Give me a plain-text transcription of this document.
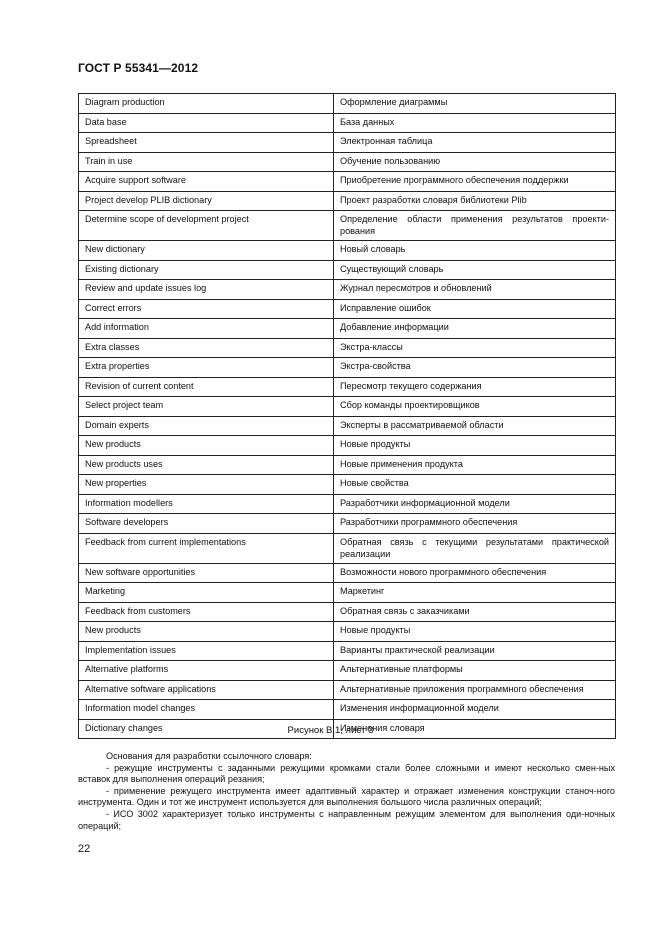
ГОСТ Р 55341—2012
Diagram production	Оформление диаграммы
Data base	База данных
Spreadsheet	Электронная таблица
Train in use	Обучение пользованию
Acquire support software	Приобретение программного обеспечения поддержки
Project develop PLIB dictionary	Проект разработки словаря библиотеки Plib
Determine scope of development project	Определение области применения результатов проекти-рования
New dictionary	Новый словарь
Existing dictionary	Существующий словарь
Review and update issues log	Журнал пересмотров и обновлений
Correct errors	Исправление ошибок
Add information	Добавление информации
Extra classes	Экстра-классы
Extra properties	Экстра-свойства
Revision of current content	Пересмотр текущего содержания
Select project team	Сбор команды проектировщиков
Domain experts	Эксперты в рассматриваемой области
New products	Новые продукты
New products uses	Новые применения продукта
New properties	Новые свойства
Information modellers	Разработчики информационной модели
Software developers	Разработчики программного обеспечения
Feedback from current implementations	Обратная связь с текущими результатами практической реализации
New software opportunities	Возможности нового программного обеспечения
Marketing	Маркетинг
Feedback from customers	Обратная связь с заказчиками
New products	Новые продукты
Implementation issues	Варианты практической реализации
Alternative platforms	Альтернативные платформы
Alternative software applications	Альтернативные приложения программного обеспечения
Information model changes	Изменения информационной модели
Dictionary changes	Изменения словаря
Рисунок В.1, лист 3

Основания для разработки ссылочного словаря:

- режущие инструменты с заданными режущими кромками стали более сложными и имеют несколько смен-ных вставок для выполнения операций резания;

- применение режущего инструмента имеет адаптивный характер и отражает изменения конструкции станоч-ного инструмента. Один и тот же инструмент используется для выполнения большого числа различных операций;

- ИСО 3002 характеризует только инструменты с направленным режущим элементом для выполнения оди-ночных операций;

22
